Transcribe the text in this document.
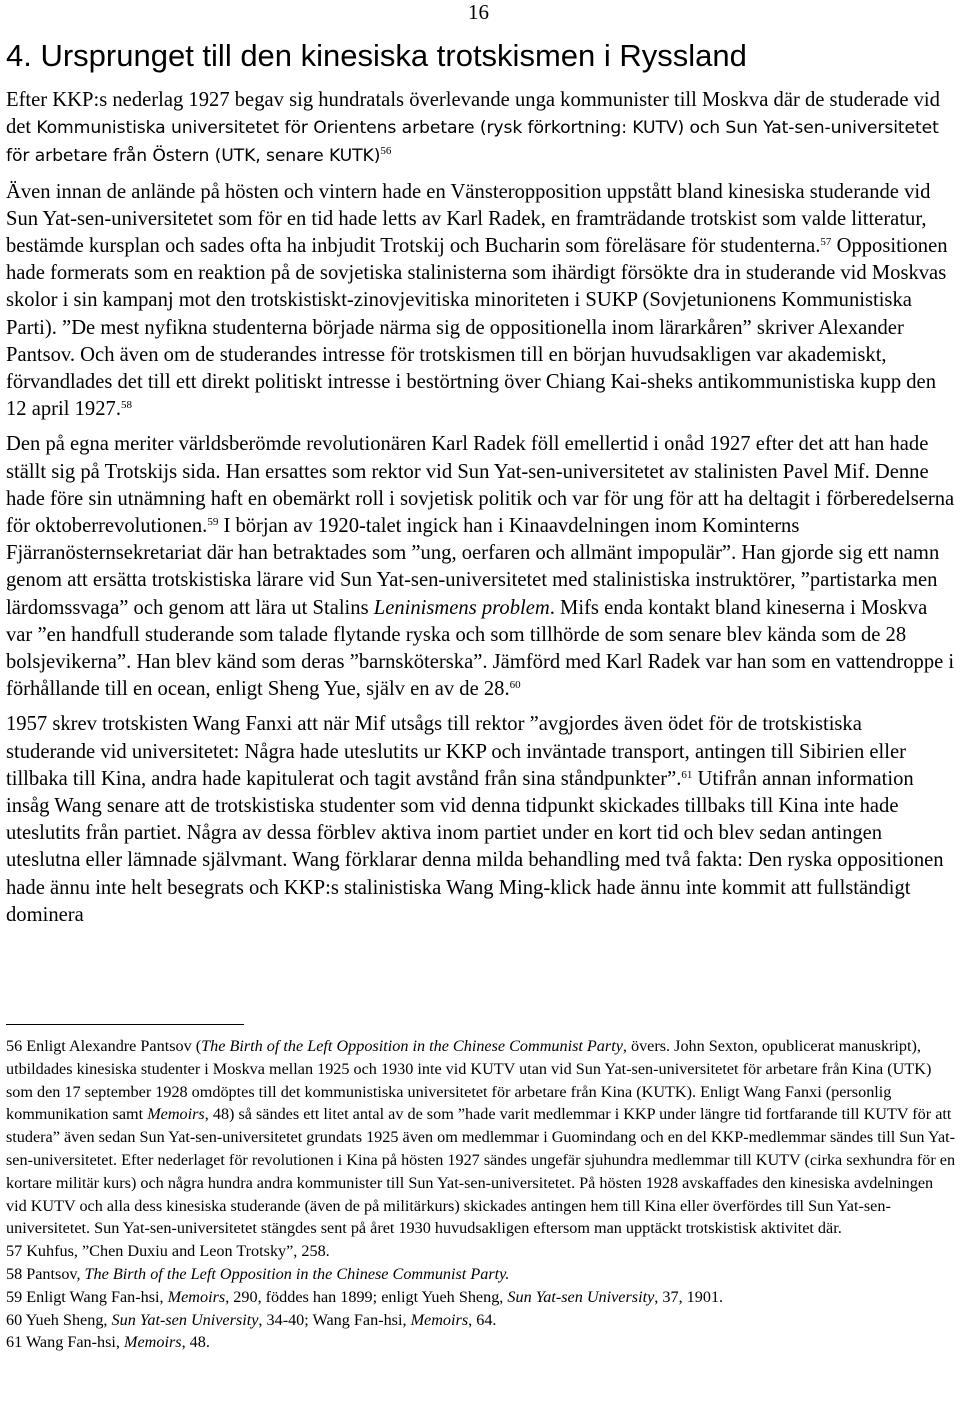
16
4. Ursprunget till den kinesiska trotskismen i Ryssland

Efter KKP:s nederlag 1927 begav sig hundratals överlevande unga kommunister till Moskva där de studerade vid det Kommunistiska universitetet för Orientens arbetare (rysk förkortning: KUTV) och Sun Yat-sen-universitetet för arbetare från Östern (UTK, senare KUTK)$^{56}$

Även innan de anlände på hösten och vintern hade en Vänsteropposition uppstått bland kinesiska studerande vid Sun Yat-sen-universitetet som för en tid hade letts av Karl Radek, en framträdande trotskist som valde litteratur, bestämde kursplan och sades ofta ha inbjudit Trotskij och Bucharin som föreläsare för studenterna.$^{57}$ Oppositionen hade formerats som en reaktion på de sovjetiska stalinisterna som ihärdigt försökte dra in studerande vid Moskvas skolor i sin kampanj mot den trotskistiskt-zinovjevitiska minoriteten i SUKP (Sovjetunionens Kommunistiska Parti). ”De mest nyfikna studenterna började närma sig de oppositionella inom lärarkåren” skriver Alexander Pantsov. Och även om de studerandes intresse för trotskismen till en början huvudsakligen var akademiskt, förvandlades det till ett direkt politiskt intresse i bestörtning över Chiang Kai-sheks antikommunistiska kupp den 12 april 1927.58

Den på egna meriter världsberömde revolutionären Karl Radek föll emellertid i onåd 1927 efter det att han hade ställt sig på Trotskijs sida. Han ersattes som rektor vid Sun Yat-sen-universitetet av stalinisten Pavel Mif. Denne hade före sin utnämning haft en obemärkt roll i sovjetisk politik och var för ung för att ha deltagit i förberedelserna för oktoberrevolutionen.$^{59}$ I början av 1920-talet ingick han i Kinaavdelningen inom Kominterns Fjärranösternsekretariat där han betraktades som ”ung, oerfaren och allmänt impopulär”. Han gjorde sig ett namn genom att ersätta trotskistiska lärare vid Sun Yat-sen-universitetet med stalinistiska instruktörer, ”partistarka men lärdomssvaga” och genom att lära ut Stalins Leninismens problem. Mifs enda kontakt bland kineserna i Moskva var ”en handfull studerande som talade flytande ryska och som tillhörde de som senare blev kända som de 28 bolsjevikerna”. Han blev känd som deras ”barnsköterska”. Jämförd med Karl Radek var han som en vattendroppe i förhållande till en ocean, enligt Sheng Yue, själv en av de 28.60

1957 skrev trotskisten Wang Fanxi att när Mif utsågs till rektor ”avgjordes även ödet för de trotskistiska studerande vid universitetet: Några hade uteslutits ur KKP och inväntade transport, antingen till Sibirien eller tillbaka till Kina, andra hade kapitulerat och tagit avstånd från sina ståndpunkter”.$^{61}$ Utifrån annan information insåg Wang senare att de trotskistiska studenter som vid denna tidpunkt skickades tillbaks till Kina inte hade uteslutits från partiet. Några av dessa förblev aktiva inom partiet under en kort tid och blev sedan antingen uteslutna eller lämnade självmant. Wang förklarar denna milda behandling med två fakta: Den ryska oppositionen hade ännu inte helt besegrats och KKP:s stalinistiska Wang Ming-klick hade ännu inte kommit att fullständigt dominera

56 Enligt Alexandre Pantsov (The Birth of the Left Opposition in the Chinese Communist Party, övers. John Sexton, opublicerat manuskript), utbildades kinesiska studenter i Moskva mellan 1925 och 1930 inte vid KUTV utan vid Sun Yat-sen-universitetet för arbetare från Kina (UTK) som den 17 september 1928 omdöptes till det kommunistiska universitetet för arbetare från Kina (KUTK). Enligt Wang Fanxi (personlig kommunikation samt Memoirs, 48) så sändes ett litet antal av de som ”hade varit medlemmar i KKP under längre tid fortfarande till KUTV för att studera” även sedan Sun Yat-sen-universitetet grundats 1925 även om medlemmar i Guomindang och en del KKP-medlemmar sändes till Sun Yat-sen-universitetet. Efter nederlaget för revolutionen i Kina på hösten 1927 sändes ungefär sjuhundra medlemmar till KUTV (cirka sexhundra för en kortare militär kurs) och några hundra andra kommunister till Sun Yat-sen-universitetet. På hösten 1928 avskaffades den kinesiska avdelningen vid KUTV och alla dess kinesiska studerande (även de på militärkurs) skickades antingen hem till Kina eller överfördes till Sun Yat-sen-universitetet. Sun Yat-sen-universitetet stängdes sent på året 1930 huvudsakligen eftersom man upptäckt trotskistisk aktivitet där.

57 Kuhfus, ”Chen Duxiu and Leon Trotsky”, 258.

58 Pantsov, The Birth of the Left Opposition in the Chinese Communist Party.

59 Enligt Wang Fan-hsi, Memoirs, 290, föddes han 1899; enligt Yueh Sheng, Sun Yat-sen University, 37, 1901.

60 Yueh Sheng, Sun Yat-sen University, 34-40; Wang Fan-hsi, Memoirs, 64.

61 Wang Fan-hsi, Memoirs, 48.
